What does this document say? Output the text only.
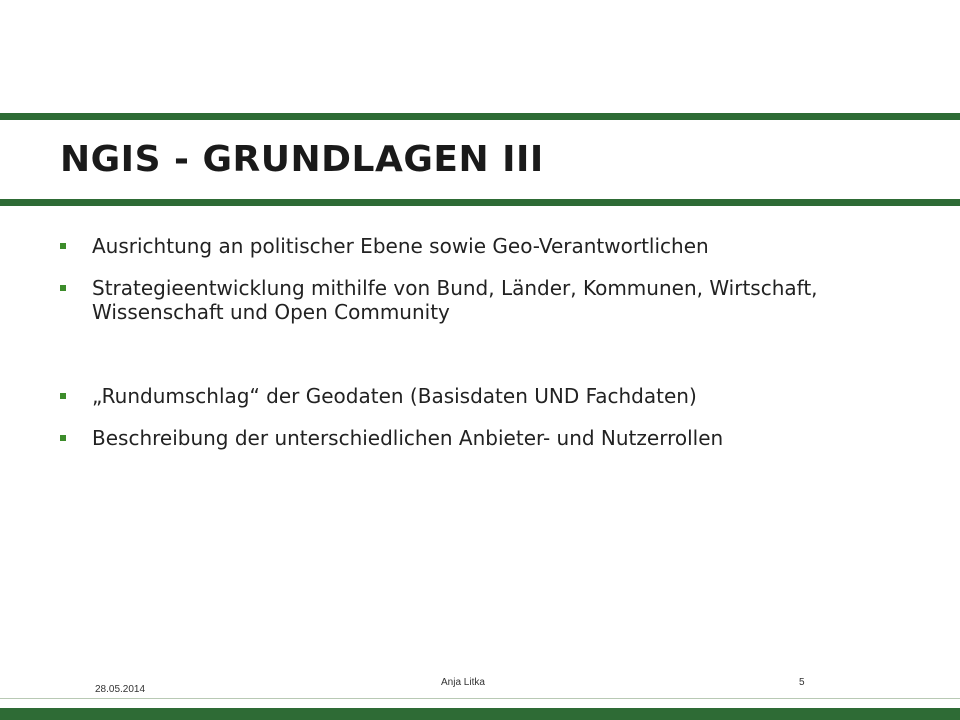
NGIS - GRUNDLAGEN III
Ausrichtung an politischer Ebene sowie Geo-Verantwortlichen
Strategieentwicklung mithilfe von Bund, Länder, Kommunen, Wirtschaft, Wissenschaft und Open Community
„Rundumschlag“ der Geodaten (Basisdaten UND Fachdaten)
Beschreibung der unterschiedlichen Anbieter- und Nutzerrollen
28.05.2014
Anja Litka	5
